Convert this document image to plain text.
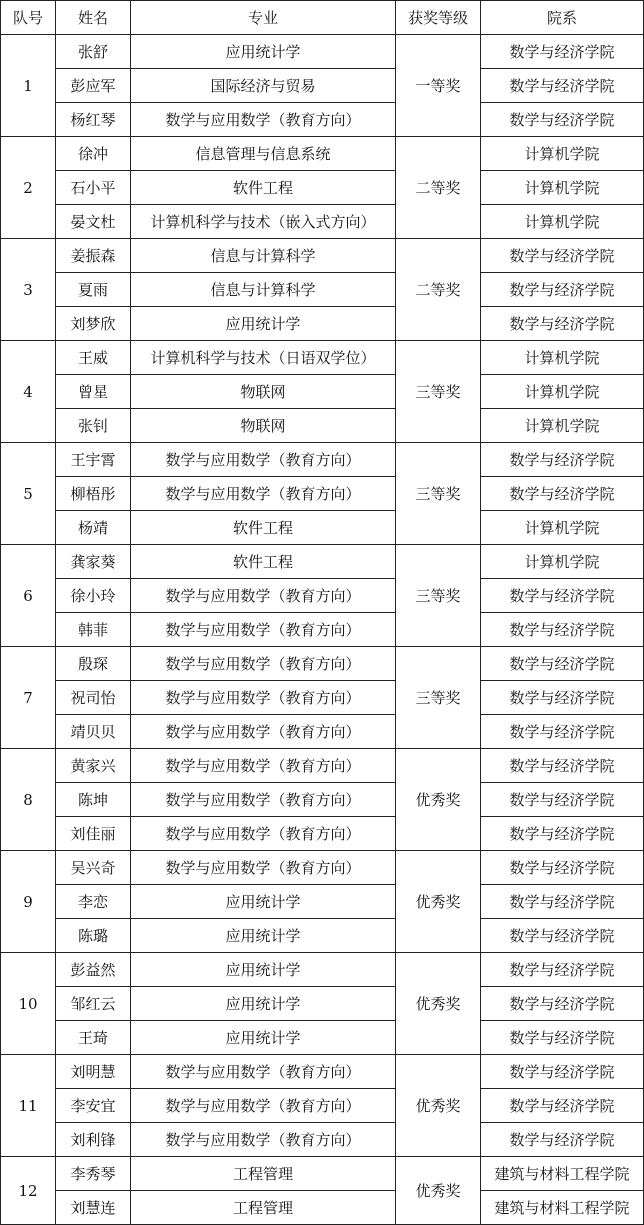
队号	姓名	专业	获奖等级	院系
1	张舒	应用统计学	一等奖	数学与经济学院
	彭应军	国际经济与贸易		数学与经济学院
	杨红琴	数学与应用数学（教育方向）		数学与经济学院
2	徐冲	信息管理与信息系统	二等奖	计算机学院
	石小平	软件工程		计算机学院
	晏文杜	计算机科学与技术（嵌入式方向）		计算机学院
3	姜振森	信息与计算科学	二等奖	数学与经济学院
	夏雨	信息与计算科学		数学与经济学院
	刘梦欣	应用统计学		数学与经济学院
4	王威	计算机科学与技术（日语双学位）	三等奖	计算机学院
	曾星	物联网		计算机学院
	张钊	物联网		计算机学院
5	王宇霄	数学与应用数学（教育方向）	三等奖	数学与经济学院
	柳梧彤	数学与应用数学（教育方向）		数学与经济学院
	杨靖	软件工程		计算机学院
6	龚家葵	软件工程	三等奖	计算机学院
	徐小玲	数学与应用数学（教育方向）		数学与经济学院
	韩菲	数学与应用数学（教育方向）		数学与经济学院
7	殷琛	数学与应用数学（教育方向）	三等奖	数学与经济学院
	祝司怡	数学与应用数学（教育方向）		数学与经济学院
	靖贝贝	数学与应用数学（教育方向）		数学与经济学院
8	黄家兴	数学与应用数学（教育方向）	优秀奖	数学与经济学院
	陈坤	数学与应用数学（教育方向）		数学与经济学院
	刘佳丽	数学与应用数学（教育方向）		数学与经济学院
9	吴兴奇	数学与应用数学（教育方向）	优秀奖	数学与经济学院
	李恋	应用统计学		数学与经济学院
	陈璐	应用统计学		数学与经济学院
10	彭益然	应用统计学	优秀奖	数学与经济学院
	邹红云	应用统计学		数学与经济学院
	王琦	应用统计学		数学与经济学院
11	刘明慧	数学与应用数学（教育方向）	优秀奖	数学与经济学院
	李安宜	数学与应用数学（教育方向）		数学与经济学院
	刘利锋	数学与应用数学（教育方向）		数学与经济学院
12	李秀琴	工程管理	优秀奖	建筑与材料工程学院
	刘慧连	工程管理		建筑与材料工程学院
